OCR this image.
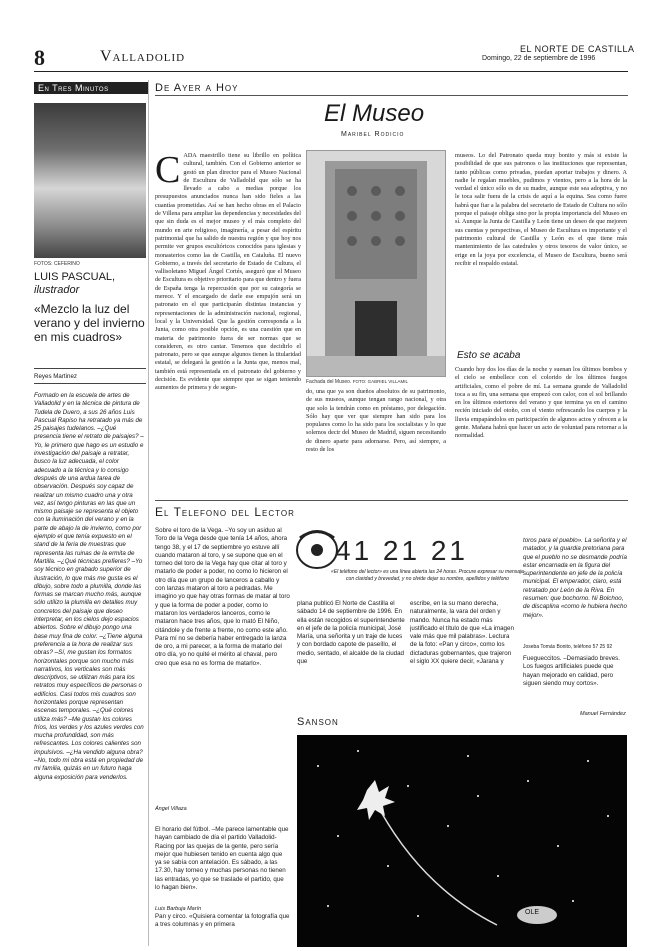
8	Valladolid	EL NORTE DE CASTILLA
Domingo, 22 de septiembre de 1996
En Tres Minutos
FOTOS: CEFERINO
LUIS PASCUAL,
ilustrador
«Mezclo la luz del verano y del invierno en mis cuadros»
Reyes Martinez
Formado en la escuela de artes de Valladolid y en la técnica de pintura de Tudela de Duero, a sus 26 años Luis Pascual Rapiso ha retratado ya más de 25 paisajes tudelanos. –¿Qué presencia tiene el retrato de paisajes? –Yo, le primero que hago es un estudio e investigación del paisaje a retratar, busco la luz adecuada, el color adecuado a la técnica y lo consigo después de una ardua tarea de observación. Después soy capaz de realizar un mismo cuadro una y otra vez, así tengo pinturas en las que un mismo paisaje se representa el objeto con la iluminación del verano y en la parte de abajo la de invierno, como por ejemplo el que tenía expuesto en el stand de la feria de muestras que representa las ruinas de la ermita de Martilla. –¿Qué técnicas prefieres? –Yo soy técnico en grabado superior de ilustración, lo que más me gusta es el dibujo, sobre todo a plumilla, donde las formas se marcan mucho más, aunque sólo utilizo la plumilla en detalles muy concretos del paisaje que deseo interpretar, en los cielos dejo espacios abiertos. Sobre el dibujo pongo una base muy fina de color. –¿Tiene alguna preferencia a la hora de realizar sus obras? –Sí, me gustan los formatos horizontales porque son mucho más narrativos, los verticales son más descriptivos, se utilizan más para los retratos muy específicos de personas o edificios. Casi todos mis cuadros son horizontales porque representan escenas temporales. –¿Qué colores utiliza más? –Me gustan los colores fríos, los verdes y los azules verdes con mucha profundidad, son más refrescantes. Los colores calientes son impulsivos. –¿Ha vendido alguna obra? –No, todo mi obra está en propiedad de mi familia, quizás en un futuro haga alguna exposición para venderlos.
De Ayer a Hoy
El Museo
Maribel Rodicio
CADA maestrillo tiene su librillo en política cultural, también. Con el Gobierno anterior se gestó un plan director para el Museo Nacional de Escultura de Valladolid que sólo se ha llevado a cabo a medias porque los presupuestos anunciados nunca han sido fieles a las cuantías prometidas. Así se han hecho obras en el Palacio de Villena para ampliar las dependencias y necesidades del que sin duda es el mejor museo y el más completo del mundo en arte religioso, imaginería, a pesar del espíritu patrimonial que ha salido de nuestra región y que hoy nos permite ver grupos escultóricos conocidos para iglesias y monasterios como las de Castilla, en Cataluña. El nuevo Gobierno, a través del secretario de Estado de Cultura, el vallisoletano Miguel Ángel Cortés, aseguró que el Museo de Escultura es objetivo prioritario para que dentro y fuera de España tenga la repercusión que por su categoría se merece. Y el encargado de darle ese empujón será un patronato en el que participarán distintas instancias y representaciones de la administración nacional, regional, local y la Universidad. Que la gestión corresponda a la Junta, como otra posible opción, es una cuestión que en materia de patrimonio fuera de ser normas que se consideren, es otro cantar. Tenemos que decidirlo el patronato, pero se que aunque algunos tienen la titularidad estatal, se delegará la gestión a la Junta que, menos mal, también está representada en el patronato del gobierno y decisión. Es evidente que siempre que se sigan teniendo aumentos de primera y de segun-
Fachada del Museo. FOTO: GABRIEL VILLAMIL
do, una que ya son dueños absolutos de su patrimonio, de sus museos, aunque tengan rango nacional, y otra que solo la tendrán como en préstamo, por delegación. Sólo hay que ver que siempre han sido para los populares como lo ha sido para los socialistas y lo que solemos decir del Museo de Madrid, siguen necesitando de dinero aparte para adornarse. Pero, así siempre, a resto de los
museos. Lo del Patronato queda muy bonito y más si existe la posibilidad de que sus patronos o las instituciones que representan, tanto públicas como privadas, puedan aportar trabajos y dinero. A nadie le regalan muebles, pudimos y vientos, pero a la hora de la verdad el único sólo es de su madre, aunque este sea adoptiva, y no le toca salir fuera de la crisis de aquí a la equina. Sea como fuere habrá que fiar a la palabra del secretario de Estado de Cultura no sólo porque el paisaje obliga sino por la propia importancia del Museo en sí. Aunque la Junta de Castilla y León tiene un deseo de que mejoren sus cuentas y perspectivas, el Museo de Escultura es importante y el patrimonio cultural de Castilla y León es el que tiene más mantenimiento de las catedrales y otros tesoros de valor único, se erige en la joya por excelencia, el Museo de Escultura, bueno será recibir el respaldo estatal.
Esto se acaba
Cuando hoy dos los días de la noche y suenan los últimos bombos y el cielo se embellece con el colorido de los últimos fuegos artificiales, como el pobre de mí. La semana grande de Valladolid toca a su fin, una semana que empezó con calor, con el sol brillando en los últimos estertores del verano y que termina ya en el camino recién iniciado del otoño, con el viento refrescando los cuerpos y la lluvia empapándolos en participación de algunos actos y ofrecen a la gente. Mañana habrá que hacer un acto de voluntad para retornar a la normalidad.
El Telefono del Lector
41 21 21
«El teléfono del lector» es una línea abierta las 24 horas. Procure expresar su mensaje con claridad y brevedad, y no olvide dejar su nombre, apellidos y teléfono
Sobre el toro de la Vega. –Yo soy un asiduo al Toro de la Vega desde que tenía 14 años, ahora tengo 38, y el 17 de septiembre yo estuve allí cuando mataron al toro, y se supone que en el torneo del toro de la Vega hay que citar al toro y matarlo de poder a poder, no como lo hicieron el otro día que un grupo de lanceros a caballo y con lanzas mataron al toro a pedradas. Me imagino yo que hay otras formas de matar al toro y que la forma de poder a poder, como lo mataron los verdaderos lanceros, como le mataron hace tres años, que lo mató El Niño, citándole y de frente a frente, no como este año. Para mí no se debería haber entregado la lanza de oro, a mi parecer, a la forma de matarlo del otro día, yo no quité el mérito al chaval, pero creo que esa no es forma de matarlo».
Ángel Villaza
El horario del fútbol. –Me parece lamentable que hayan cambiado de día el partido Valladolid-Racing por las quejas de la gente, pero sería mejor que hubiesen tenido en cuenta algo que ya se sabía con antelación. Es sábado, a las 17.30, hay torneo y muchas personas no tienen las entradas, yo que se traslade el partido, que lo hagan bien».
Luis Barbuja Marín
Pan y circo. «Quisiera comentar la fotografía que a tres columnas y en primera
plana publicó El Norte de Castilla el sábado 14 de septiembre de 1996. En ella están recogidos el superintendente en el jefe de la policía municipal, José María, una señorita y un traje de luces y con bordado capote de paseíllo, el medio, sentado, el alcalde de la ciudad que
escribe, en la su mano derecha, naturalmente, la vara del orden y mando. Nunca ha estado más justificado el título de que «La imagen vale más que mil palabras». Lectura de la foto: «Pan y circo», como los dictaduras gobernantes, que trajeron el siglo XX quiere decir, «Jarana y
toros para el pueblo». La señorita y el matador, y la guardia pretoriana para que el pueblo no se desmande podría estar encarnada en la figura del superintendente en jefe de la policía municipal. El emperador, claro, está retratado por León de la Riva. En resumen: que bochorno. Ni Bolchoo, de discaplina «como le hubiera hecho mejor».
Joseba Tomás Bonito, teléfono 57 25 92
Fuegueccitos. –Demasiado breves. Los fuegos artificiales puede que hayan mejorado en calidad, pero siguen siendo muy cortos».
Manuel Fernández
Sanson
OLE
